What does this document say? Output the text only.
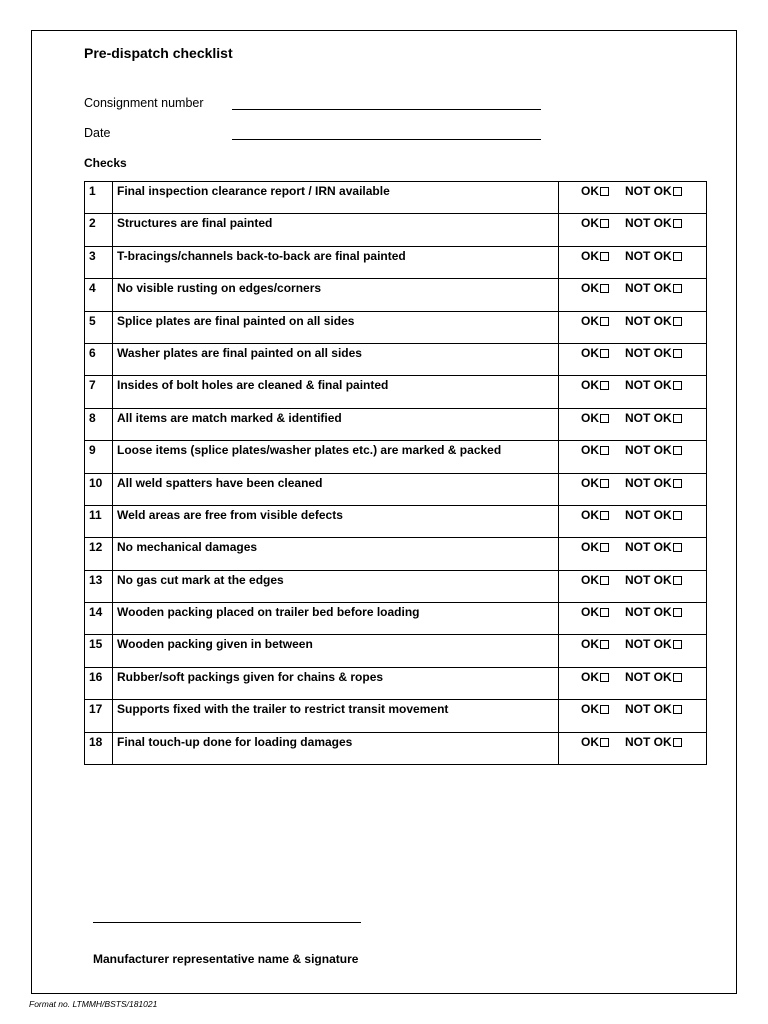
Pre-dispatch checklist
Consignment number
Date
Checks
1	Final inspection clearance report / IRN available	OK NOT OK
2	Structures are final painted	OK NOT OK
3	T-bracings/channels back-to-back are final painted	OK NOT OK
4	No visible rusting on edges/corners	OK NOT OK
5	Splice plates are final painted on all sides	OK NOT OK
6	Washer plates are final painted on all sides	OK NOT OK
7	Insides of bolt holes are cleaned & final painted	OK NOT OK
8	All items are match marked & identified	OK NOT OK
9	Loose items (splice plates/washer plates etc.) are marked & packed	OK NOT OK
10	All weld spatters have been cleaned	OK NOT OK
11	Weld areas are free from visible defects	OK NOT OK
12	No mechanical damages	OK NOT OK
13	No gas cut mark at the edges	OK NOT OK
14	Wooden packing placed on trailer bed before loading	OK NOT OK
15	Wooden packing given in between	OK NOT OK
16	Rubber/soft packings given for chains & ropes	OK NOT OK
17	Supports fixed with the trailer to restrict transit movement	OK NOT OK
18	Final touch-up done for loading damages	OK NOT OK
Manufacturer representative name & signature
Format no. LTMMH/BSTS/181021
